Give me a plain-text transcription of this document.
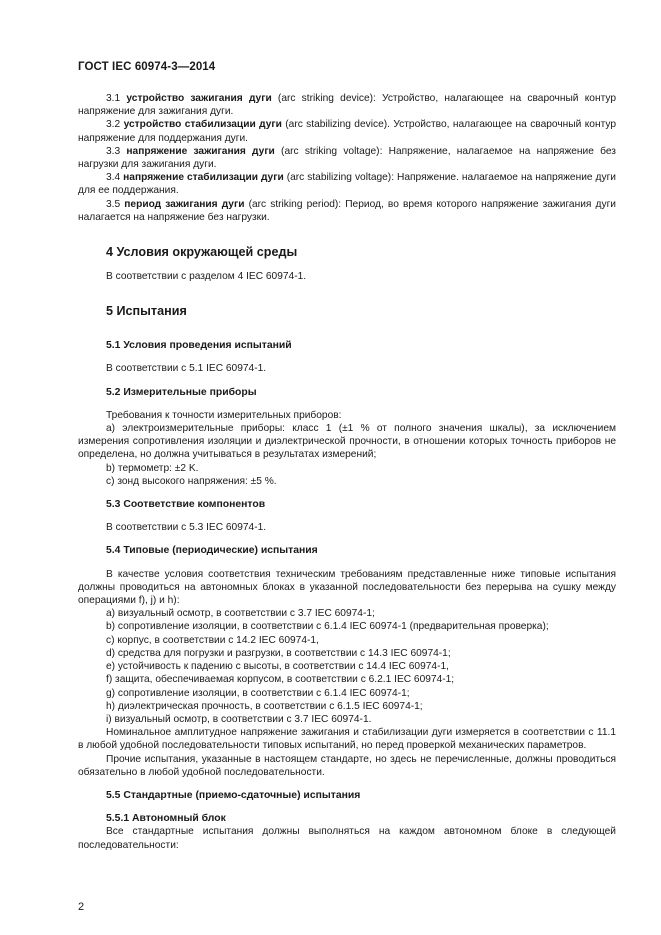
ГОСТ IEC 60974-3—2014

3.1 устройство зажигания дуги (arc striking device): Устройство, налагающее на сварочный контур напряжение для зажигания дуги.

3.2 устройство стабилизации дуги (arc stabilizing device). Устройство, налагающее на сварочный контур напряжение для поддержания дуги.

3.3 напряжение зажигания дуги (arc striking voltage): Напряжение, налагаемое на напряжение без нагрузки для зажигания дуги.

3.4 напряжение стабилизации дуги (arc stabilizing voltage): Напряжение. налагаемое на напряжение дуги для ее поддержания.

3.5 период зажигания дуги (arc striking period): Период, во время которого напряжение зажигания дуги налагается на напряжение без нагрузки.

4 Условия окружающей среды

В соответствии с разделом 4 IEC 60974-1.

5 Испытания
5.1 Условия проведения испытаний

В соответствии с 5.1 IEC 60974-1.

5.2 Измерительные приборы

Требования к точности измерительных приборов:

a) электроизмерительные приборы: класс 1 (±1 % от полного значения шкалы), за исключением измерения сопротивления изоляции и диэлектрической прочности, в отношении которых точность приборов не определена, но должна учитываться в результатах измерений;

b) термометр: ±2 K.

c) зонд высокого напряжения: ±5 %.

5.3 Соответствие компонентов

В соответствии с 5.3 IEC 60974-1.

5.4 Типовые (периодические) испытания

В качестве условия соответствия техническим требованиям представленные ниже типовые испытания должны проводиться на автономных блоках в указанной последовательности без перерыва на сушку между операциями f), j) и h):

a) визуальный осмотр, в соответствии с 3.7 IEC 60974-1;

b) сопротивление изоляции, в соответствии с 6.1.4 IEC 60974-1 (предварительная проверка);

c) корпус, в соответствии с 14.2 IEC 60974-1,

d) средства для погрузки и разгрузки, в соответствии с 14.3 IEC 60974-1;

e) устойчивость к падению с высоты, в соответствии с 14.4 IEC 60974-1,

f) защита, обеспечиваемая корпусом, в соответствии с 6.2.1 IEC 60974-1;

g) сопротивление изоляции, в соответствии с 6.1.4 IEC 60974-1;

h) диэлектрическая прочность, в соответствии с 6.1.5 IEC 60974-1;

i) визуальный осмотр, в соответствии с 3.7 IEC 60974-1.

Номинальное амплитудное напряжение зажигания и стабилизации дуги измеряется в соответствии с 11.1 в любой удобной последовательности типовых испытаний, но перед проверкой механических параметров.

Прочие испытания, указанные в настоящем стандарте, но здесь не перечисленные, должны проводиться обязательно в любой удобной последовательности.

5.5 Стандартные (приемо-сдаточные) испытания
5.5.1 Автономный блок

Все стандартные испытания должны выполняться на каждом автономном блоке в следующей последовательности:

2
